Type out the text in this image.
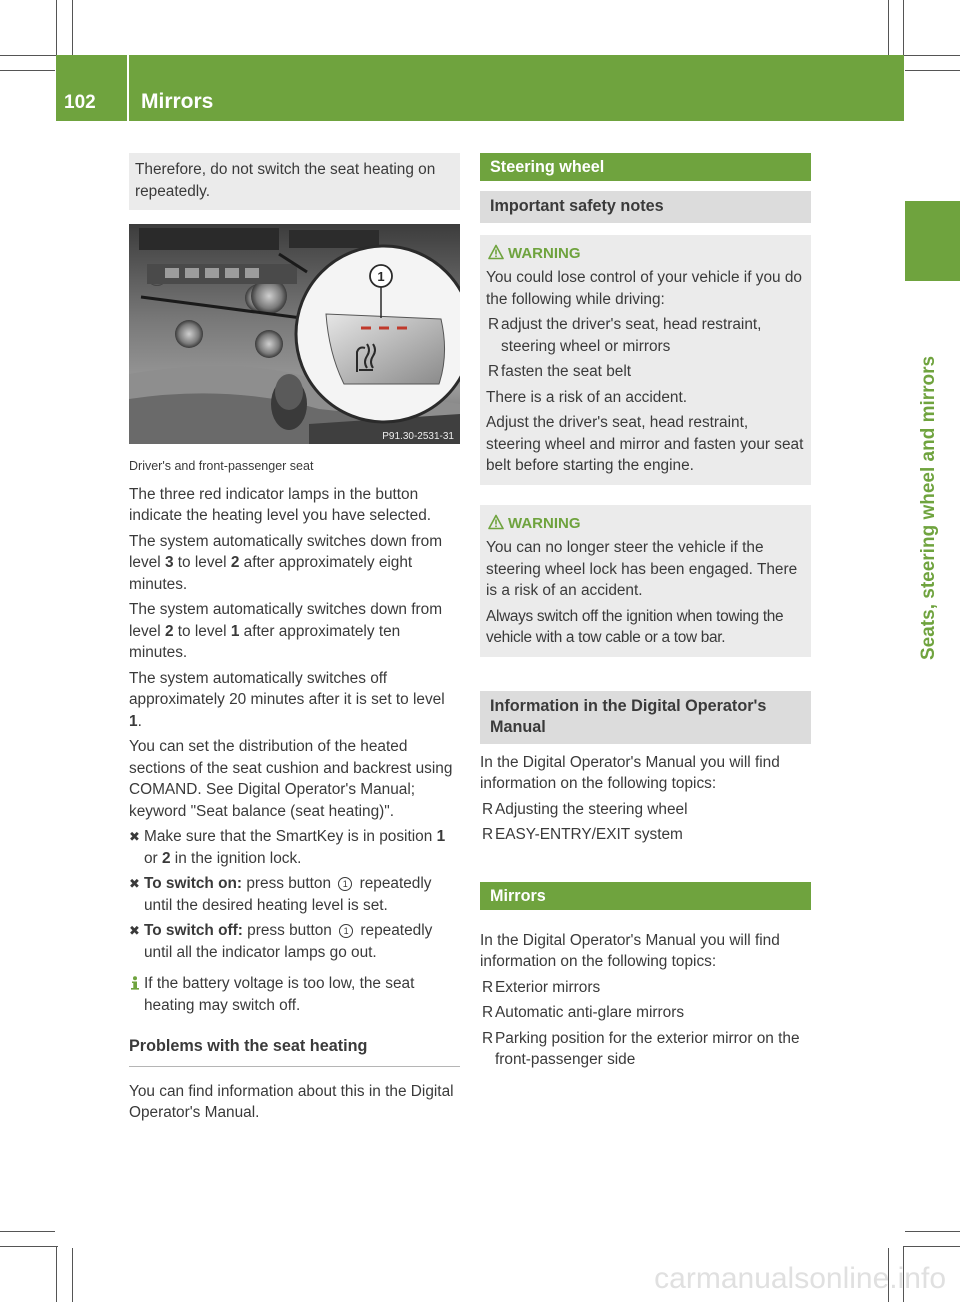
102 Mirrors
Seats, steering wheel and mirrors
Therefore, do not switch the seat heating on repeatedly.
1
P91.30-2531-31
Driver's and front-passenger seat

The three red indicator lamps in the button indicate the heating level you have selected.

The system automatically switches down from level 3 to level 2 after approximately eight minutes.

The system automatically switches down from level 2 to level 1 after approximately ten minutes.

The system automatically switches off approximately 20 minutes after it is set to level 1.

You can set the distribution of the heated sections of the seat cushion and backrest using COMAND. See Digital Operator's Manual; keyword "Seat balance (seat heating)".

✖ Make sure that the SmartKey is in position 1 or 2 in the ignition lock.
✖ To switch on: press button 1 repeatedly until the desired heating level is set.
✖ To switch off: press button 1 repeatedly until all the indicator lamps go out.
If the battery voltage is too low, the seat heating may switch off.
Problems with the seat heating

You can find information about this in the Digital Operator's Manual.

Steering wheel
Important safety notes
WARNING

You could lose control of your vehicle if you do the following while driving:

R adjust the driver's seat, head restraint, steering wheel or mirrors
R fasten the seat belt

There is a risk of an accident.

Adjust the driver's seat, head restraint, steering wheel and mirror and fasten your seat belt before starting the engine.

WARNING

You can no longer steer the vehicle if the steering wheel lock has been engaged. There is a risk of an accident.

Always switch off the ignition when towing the vehicle with a tow cable or a tow bar.

Information in the Digital Operator's Manual

In the Digital Operator's Manual you will find information on the following topics:

R Adjusting the steering wheel
R EASY-ENTRY/EXIT system
Mirrors

In the Digital Operator's Manual you will find information on the following topics:

R Exterior mirrors
R Automatic anti-glare mirrors
R Parking position for the exterior mirror on the front-passenger side
carmanualsonline.info
